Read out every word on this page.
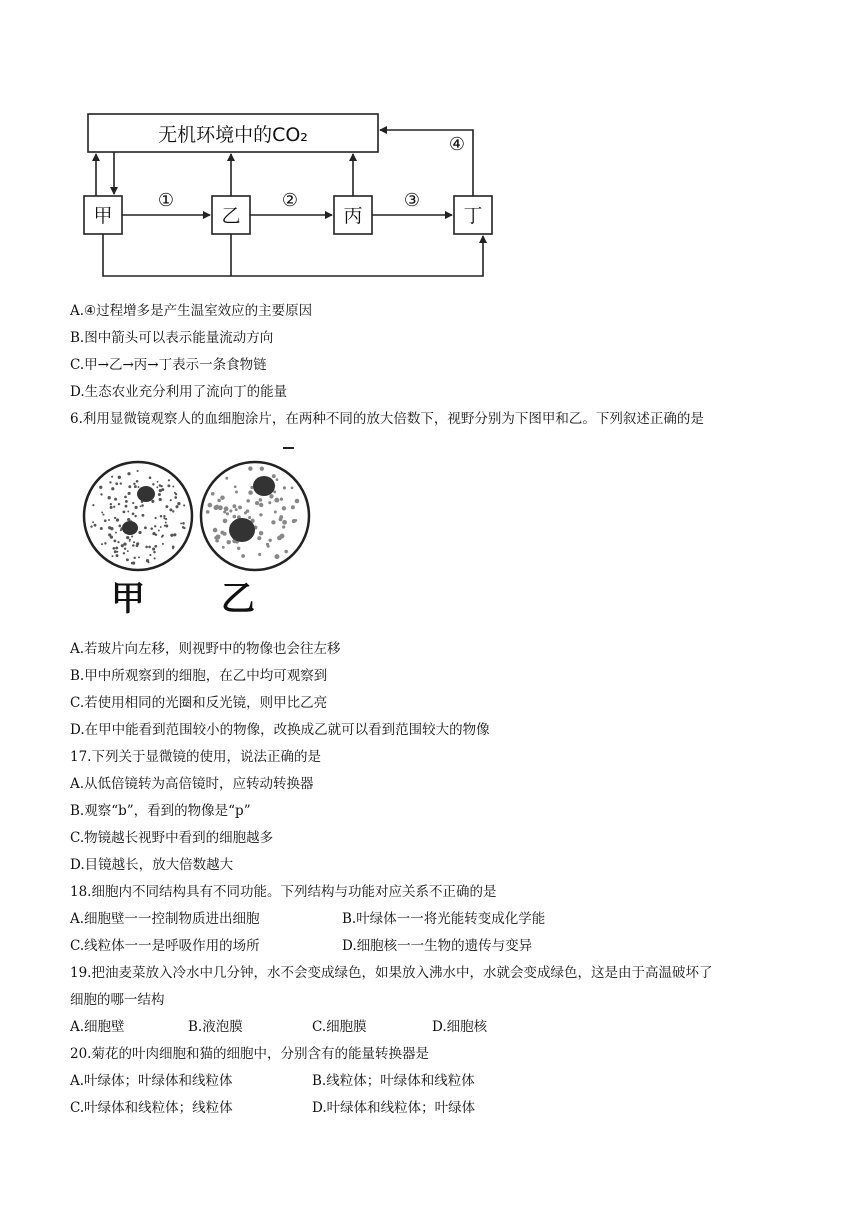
无机环境中的CO₂
甲	乙	丙	丁
①	②	③
④
A.④过程增多是产生温室效应的主要原因
B.图中箭头可以表示能量流动方向
C.甲→乙→丙→丁表示一条食物链
D.生态农业充分利用了流向丁的能量
6.利用显微镜观察人的血细胞涂片，在两种不同的放大倍数下，视野分别为下图甲和乙。下列叙述正确的是
甲 乙
A.若玻片向左移，则视野中的物像也会往左移
B.甲中所观察到的细胞，在乙中均可观察到
C.若使用相同的光圈和反光镜，则甲比乙亮
D.在甲中能看到范围较小的物像，改换成乙就可以看到范围较大的物像
17.下列关于显微镜的使用，说法正确的是
A.从低倍镜转为高倍镜时，应转动转换器
B.观察“b”，看到的物像是“p”
C.物镜越长视野中看到的细胞越多
D.目镜越长，放大倍数越大
18.细胞内不同结构具有不同功能。下列结构与功能对应关系不正确的是
A.细胞壁一一控制物质进出细胞	B.叶绿体一一将光能转变成化学能
C.线粒体一一是呼吸作用的场所	D.细胞核一一生物的遗传与变异
19.把油麦菜放入冷水中几分钟，水不会变成绿色，如果放入沸水中，水就会变成绿色，这是由于高温破坏了
细胞的哪一结构
A.细胞壁	B.液泡膜	C.细胞膜	D.细胞核
20.菊花的叶肉细胞和猫的细胞中，分别含有的能量转换器是
A.叶绿体；叶绿体和线粒体	B.线粒体；叶绿体和线粒体
C.叶绿体和线粒体；线粒体	D.叶绿体和线粒体；叶绿体
